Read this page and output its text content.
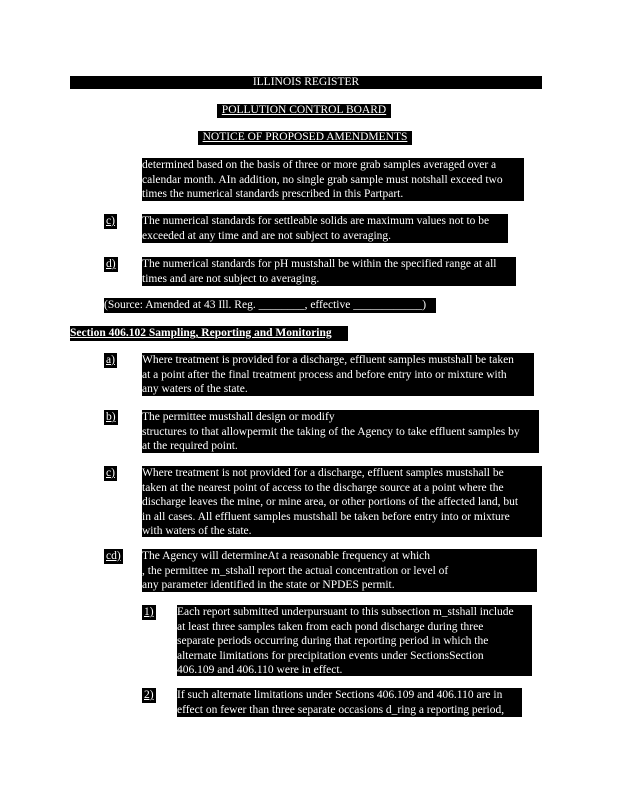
ILLINOIS REGISTER
POLLUTION CONTROL BOARD
NOTICE OF PROPOSED AMENDMENTS
determined based on the basis of three or more grab samples averaged over a
calendar month. AIn addition, no single grab sample must notshall exceed two
times the numerical standards prescribed in this Partpart.
c) The numerical standards for settleable solids are maximum values not to be
exceeded at any time and are not subject to averaging.
d) The numerical standards for pH mustshall be within the specified range at all
times and are not subject to averaging.
(Source: Amended at 43 Ill. Reg. ________, effective ____________)
Section 406.102 Sampling, Reporting and Monitoring
a) Where treatment is provided for a discharge, effluent samples mustshall be taken
at a point after the final treatment process and before entry into or mixture with
any waters of the state.
b) The permittee mustshall design or modify
structures to that allowpermit the taking of the Agency to take effluent samples by
at the required point.
c) Where treatment is not provided for a discharge, effluent samples mustshall be
taken at the nearest point of access to the discharge source at a point where the
discharge leaves the mine, or mine area, or other portions of the affected land, but
in all cases. All effluent samples mustshall be taken before entry into or mixture
with waters of the state.
cd) The Agency will determineAt a reasonable frequency at which
, the permittee m_stshall report the actual concentration or level of
any parameter identified in the state or NPDES permit.
1) Each report submitted underpursuant to this subsection m_stshall include
at least three samples taken from each pond discharge during three
separate periods occurring during that reporting period in which the
alternate limitations for precipitation events under SectionsSection
406.109 and 406.110 were in effect.
2) If such alternate limitations under Sections 406.109 and 406.110 are in
effect on fewer than three separate occasions d_ring a reporting period,
